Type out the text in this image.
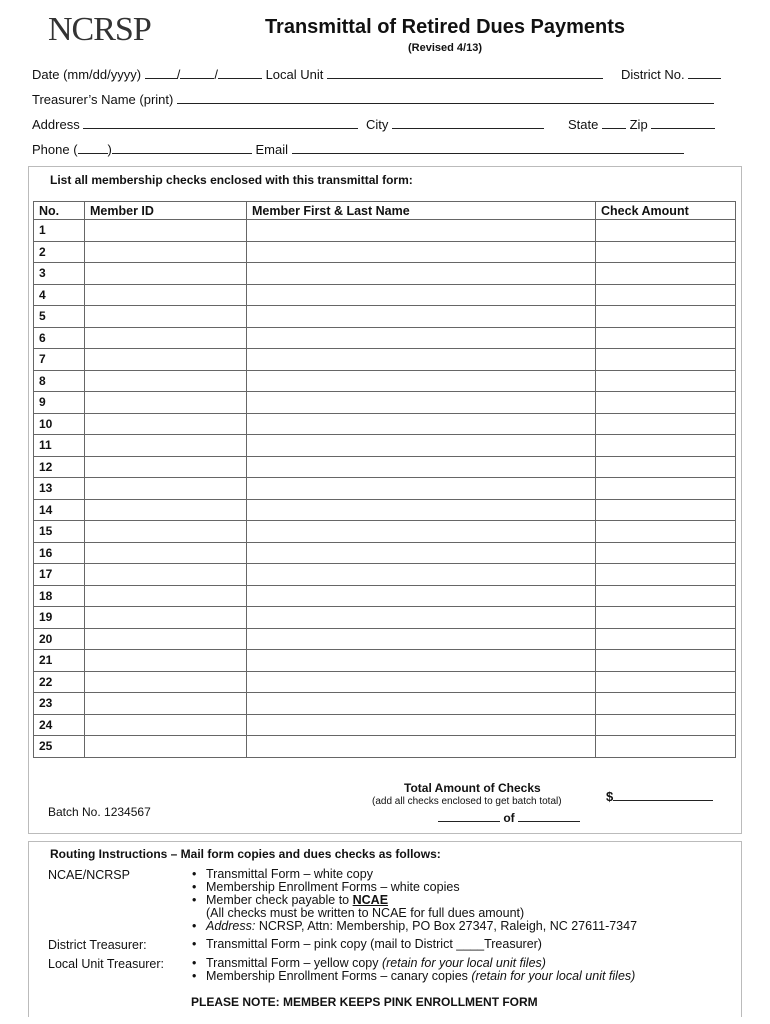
NCRSP	Transmittal of Retired Dues Payments
(Revised 4/13)
Date (mm/dd/yyyy)	/	/	Local Unit	District No.
Treasurer’s Name (print)
Address	City	State Zip
Phone ( )	Email
List all membership checks enclosed with this transmittal form:
No.	Member ID	Member First & Last Name	Check Amount
1			
2			
3			
4			
5			
6			
7			
8			
9			
10			
11			
12			
13			
14			
15			
16			
17			
18			
19			
20			
21			
22			
23			
24			
25			
Total Amount of Checks
(add all checks enclosed to get batch total)	$
Batch No. 1234567	of
Routing Instructions – Mail form copies and dues checks as follows:
NCAE/NCRSP	• Transmittal Form – white copy
• Membership Enrollment Forms – white copies
• Member check payable to NCAE
(All checks must be written to NCAE for full dues amount)
• Address: NCRSP, Attn: Membership, PO Box 27347, Raleigh, NC 27611-7347
District Treasurer:	• Transmittal Form – pink copy (mail to District ____Treasurer)
Local Unit Treasurer:	• Transmittal Form – yellow copy (retain for your local unit files)
• Membership Enrollment Forms – canary copies (retain for your local unit files)
PLEASE NOTE: MEMBER KEEPS PINK ENROLLMENT FORM
